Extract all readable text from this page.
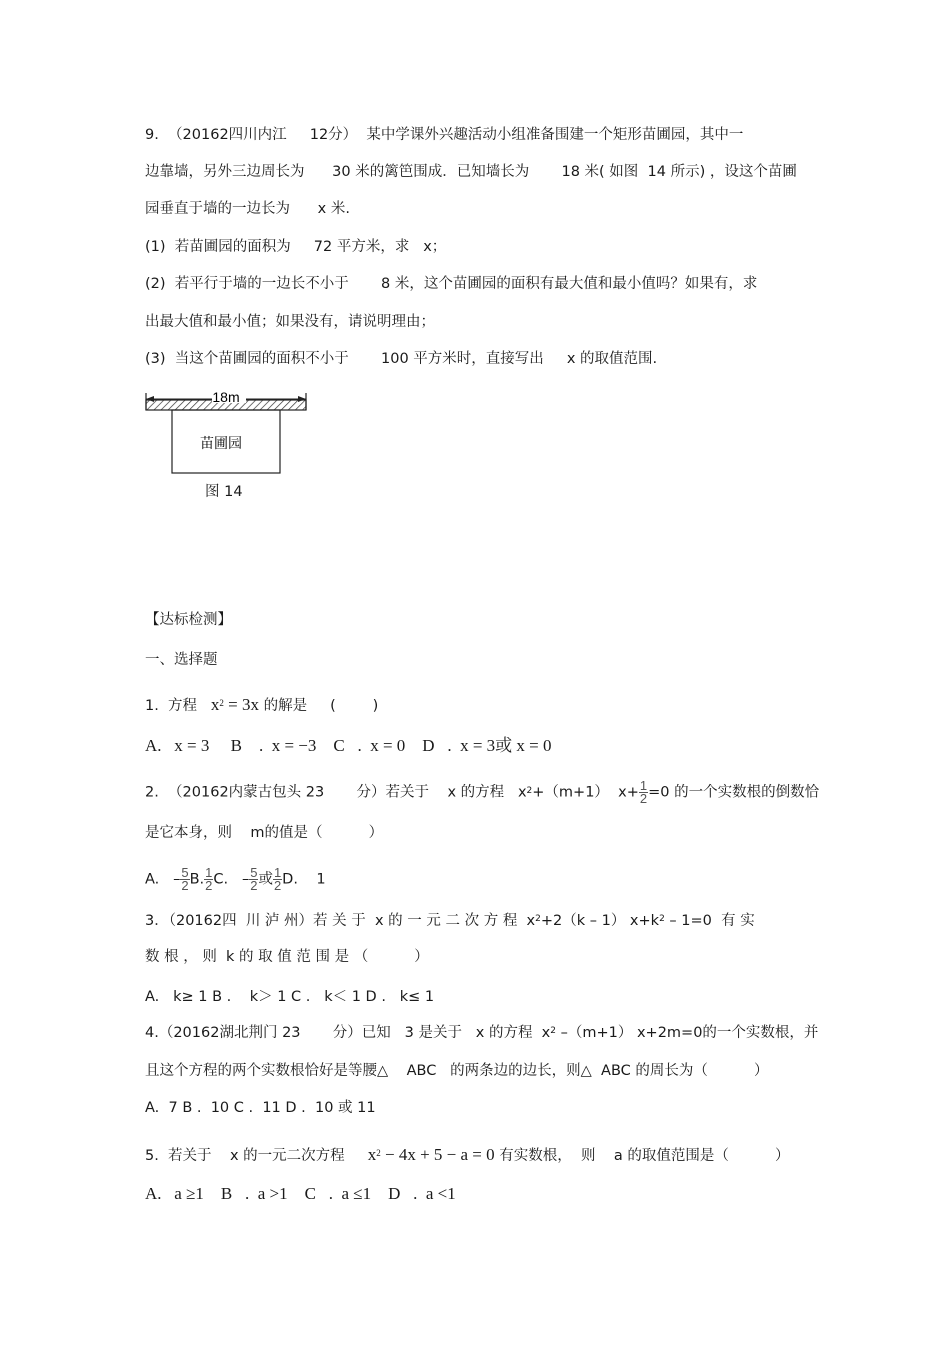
9.  （20162四川内江     12分）  某中学课外兴趣活动小组准备围建一个矩形苗圃园，其中一
边靠墙，另外三边周长为      30 米的篱笆围成．已知墙长为       18 米( 如图  14 所示) ，设这个苗圃
园垂直于墙的一边长为      x 米.
(1)  若苗圃园的面积为     72 平方米，求   x；
(2)  若平行于墙的一边长不小于       8 米，这个苗圃园的面积有最大值和最小值吗？如果有，求
出最大值和最小值；如果没有，请说明理由；
(3)  当这个苗圃园的面积不小于       100 平方米时，直接写出     x 的取值范围.
18m
苗圃园
图 14
【达标检测】
一、选择题
1.  方程   $x^2 = 3x$ 的解是     (        )
A.   x = 3     B    .  x = −3    C   .  x = 0    D   .  x = 3或 x = 0
2.  （20162内蒙古包头 23       分）若关于    x 的方程   $x^2+(m+1)$  $x+ \frac{1}{2} =0$ 的一个实数根的倒数恰
是它本身，则    m的值是（          ）
A.   – $\frac{5}{2} B$. $\frac{1}{2} C$.   – $\frac{5}{2}$ 或 $\frac{1}{2} D$.    1
3．（20162四  川 泸 州）若 关 于  x 的 一 元 二 次 方 程  $x^2+2(k - 1)$ $x+k^2 - 1=0$  有 实
数 根 ， 则  k 的 取 值 范 围 是 （          ）
A.   k≥ 1 B .    k＞ 1 C .   k＜ 1 D .   k≤ 1
4.（20162湖北荆门 23       分）已知   3 是关于   x 的方程  $x^2$ –（m+1） x+2m=0的一个实数根，并
且这个方程的两个实数根恰好是等腰△    ABC   的两条边的边长，则△  ABC 的周长为（          ）
A.  7 B .  10 C .  11 D .  10 或 11
5.  若关于    x 的一元二次方程     $x^2 - 4x + 5 - a = 0$ 有实数根，  则    a 的取值范围是（          ）
A.   a ≥1    B   .  a >1    C   .  a ≤1    D   .  a <1
